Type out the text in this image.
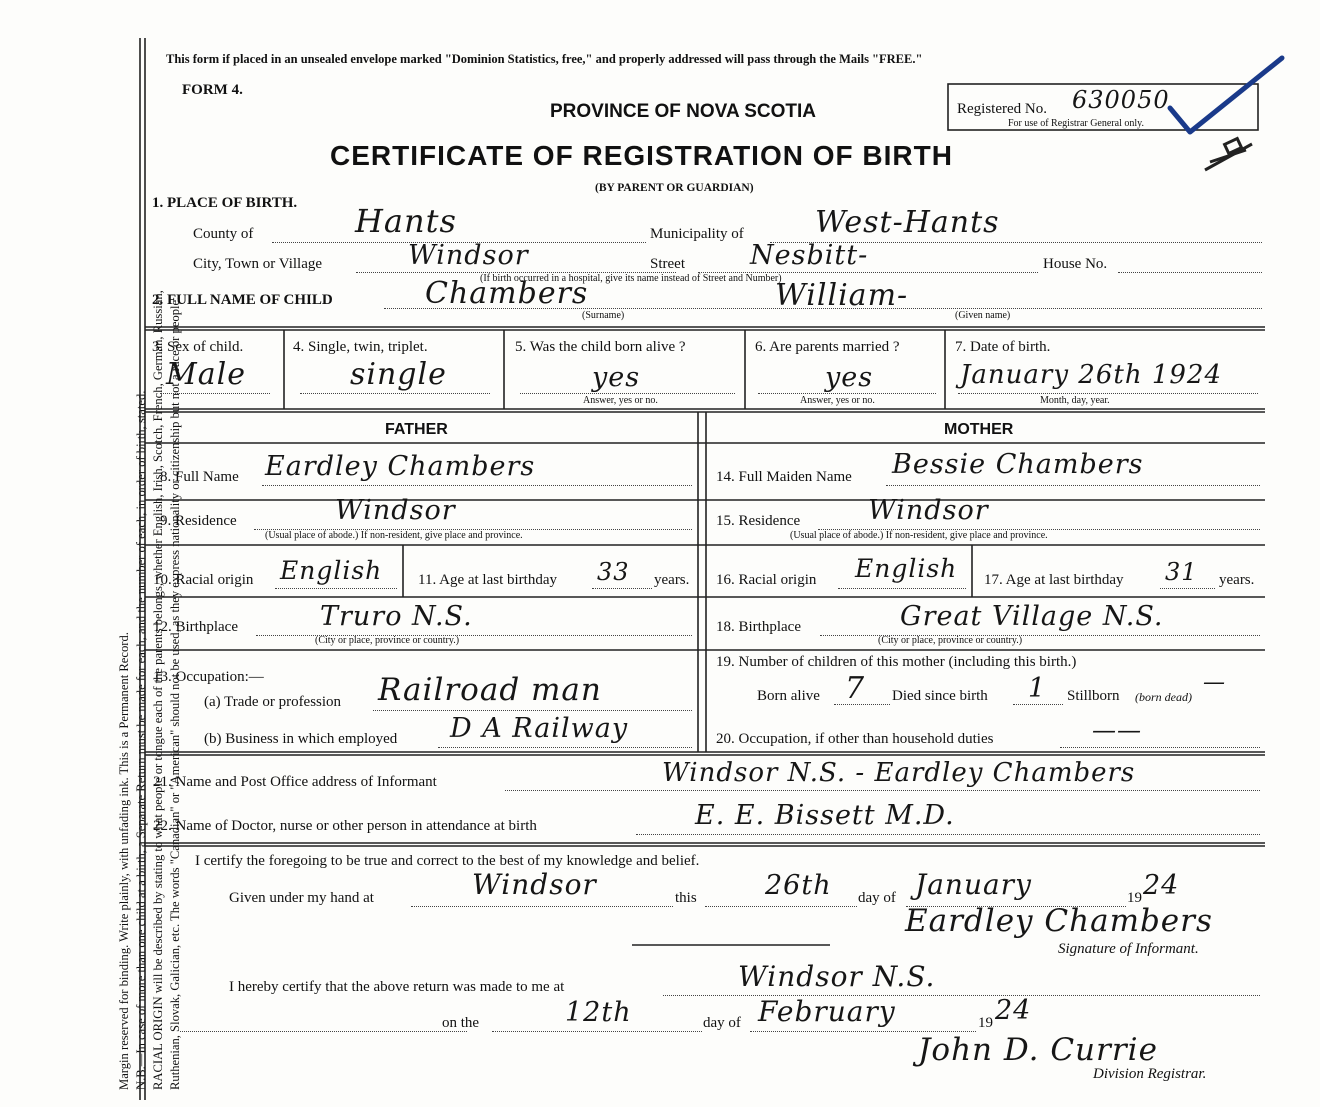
Margin reserved for binding. Write plainly, with unfading ink. This is a Permanent Record. N.B.—In case of more than one child at a birth, a Separate Return must be made for each, and the number of each, in order of birth, stated. RACIAL ORIGIN will be described by stating to what people or tongue each of the parents belongs, whether English, Irish, Scotch, French, German, Russian, Ruthenian, Slovak, Galician, etc. The words "Canadian" or "American" should not be used, as they express nationality or citizenship but not a race or people.
This form if placed in an unsealed envelope marked "Dominion Statistics, free," and properly addressed will pass through the Mails "FREE."
FORM 4.
PROVINCE OF NOVA SCOTIA	Registered No. 630050
For use of Registrar General only.
CERTIFICATE OF REGISTRATION OF BIRTH
(BY PARENT OR GUARDIAN)
1. PLACE OF BIRTH.
County of	Hants	Municipality of West-Hants
City, Town or Village	Windsor
(If birth occurred in a hospital, give its name instead of Street and Number)
Street Nesbitt-	House No.
2. FULL NAME OF CHILD	Chambers
(Surname)
William-
(Given name)
3. Sex of child.
Male
4. Single, twin, triplet.
single
5. Was the child born alive ?
yes
Answer, yes or no.
6. Are parents married ?
yes
Answer, yes or no.
7. Date of birth.
January 26th 1924
Month, day, year.
FATHER	MOTHER
8. Full Name Eardley Chambers
9. Residence	Windsor
(Usual place of abode.) If non-resident, give place and province.
10. Racial origin English 11. Age at last birthday 33 years.
12. Birthplace	Truro N.S.
(City or place, province or country.)
13. Occupation:—
(a) Trade or profession Railroad man
(b) Business in which employed D A Railway
14. Full Maiden Name Bessie Chambers
15. Residence	Windsor
(Usual place of abode.) If non-resident, give place and province.
16. Racial origin English 17. Age at last birthday 31 years.
18. Birthplace	Great Village N.S.
(City or place, province or country.)
19. Number of children of this mother (including this birth.)
Born alive 7 Died since birth 1 Stillborn (born dead)
—
20. Occupation, if other than household duties	——
21. Name and Post Office address of Informant	Windsor N.S. - Eardley Chambers
22. Name of Doctor, nurse or other person in attendance at birth	E. E. Bissett M.D.
I certify the foregoing to be true and correct to the best of my knowledge and belief.
Given under my hand at	Windsor	this	26th day of January	19 24
Eardley Chambers
Signature of Informant.
I hereby certify that the above return was made to me at	Windsor N.S.
on the	12th	day of February	19 24
John D. Currie
Division Registrar.
